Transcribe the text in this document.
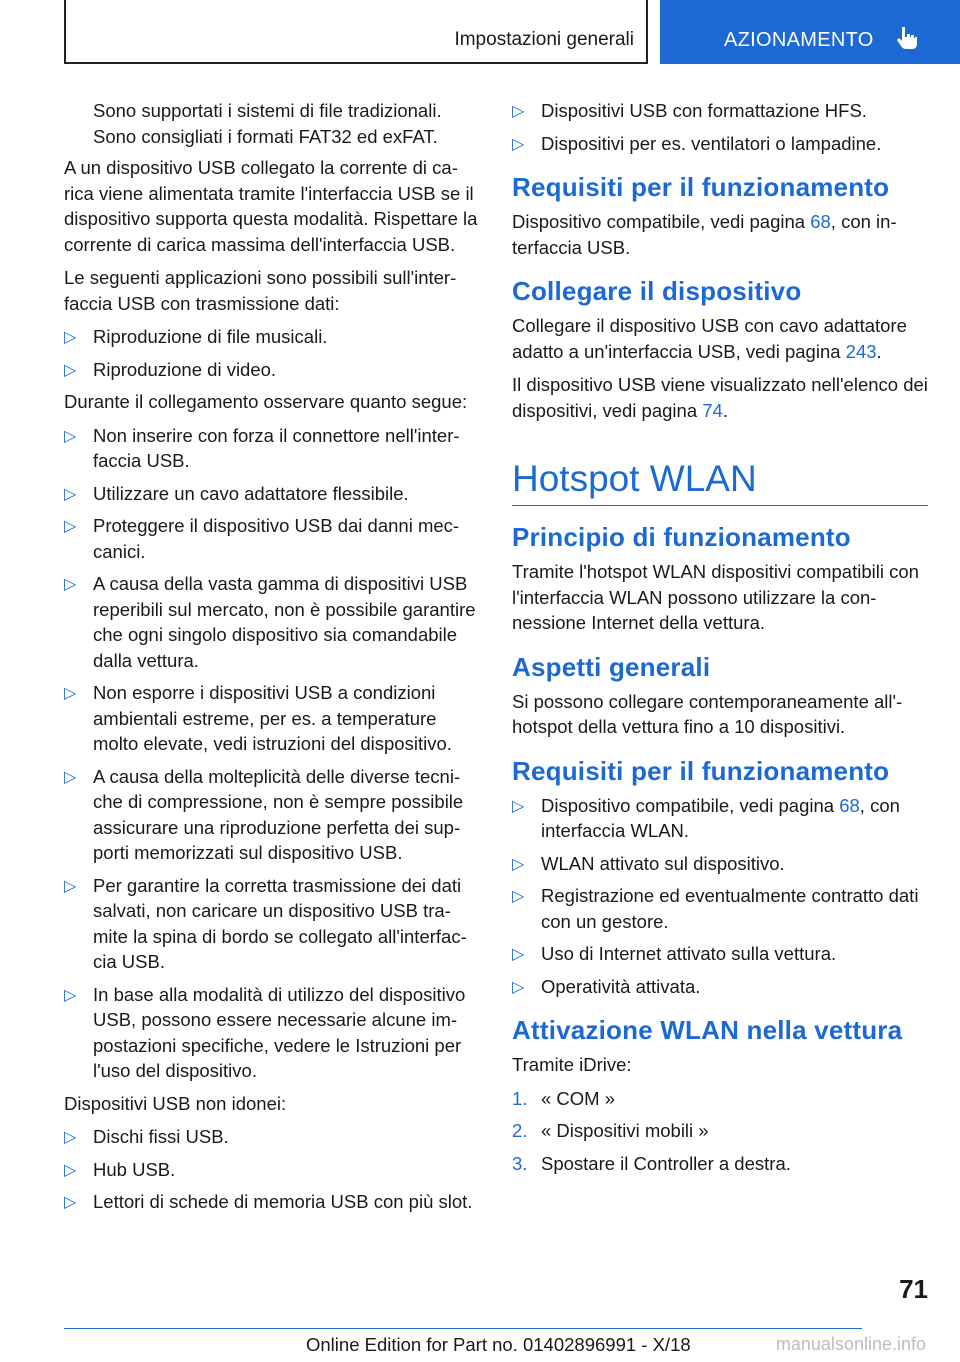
Impostazioni generali	AZIONAMENTO

Sono supportati i sistemi di file tradizionali.
Sono consigliati i formati FAT32 ed exFAT.

A un dispositivo USB collegato la corrente di carica viene alimentata tramite l'interfaccia USB se il dispositivo supporta questa modalità. Rispettare la corrente di carica massima dell'interfaccia USB.

Le seguenti applicazioni sono possibili sull'interfaccia USB con trasmissione dati:

▷ Riproduzione di file musicali.
▷ Riproduzione di video.

Durante il collegamento osservare quanto segue:

▷ Non inserire con forza il connettore nell'interfaccia USB.
▷ Utilizzare un cavo adattatore flessibile.
▷ Proteggere il dispositivo USB dai danni meccanici.
▷ A causa della vasta gamma di dispositivi USB reperibili sul mercato, non è possibile garantire che ogni singolo dispositivo sia comandabile dalla vettura.
▷ Non esporre i dispositivi USB a condizioni ambientali estreme, per es. a temperature molto elevate, vedi istruzioni del dispositivo.
▷ A causa della molteplicità delle diverse tecniche di compressione, non è sempre possibile assicurare una riproduzione perfetta dei supporti memorizzati sul dispositivo USB.
▷ Per garantire la corretta trasmissione dei dati salvati, non caricare un dispositivo USB tramite la spina di bordo se collegato all'interfaccia USB.
▷ In base alla modalità di utilizzo del dispositivo USB, possono essere necessarie alcune impostazioni specifiche, vedere le Istruzioni per l'uso del dispositivo.

Dispositivi USB non idonei:

▷ Dischi fissi USB.
▷ Hub USB.
▷ Lettori di schede di memoria USB con più slot.
▷ Dispositivi USB con formattazione HFS.
▷ Dispositivi per es. ventilatori o lampadine.
Requisiti per il funzionamento

Dispositivo compatibile, vedi pagina 68, con interfaccia USB.

Collegare il dispositivo

Collegare il dispositivo USB con cavo adattatore adatto a un'interfaccia USB, vedi pagina 243.

Il dispositivo USB viene visualizzato nell'elenco dei dispositivi, vedi pagina 74.

Hotspot WLAN
Principio di funzionamento

Tramite l'hotspot WLAN dispositivi compatibili con l'interfaccia WLAN possono utilizzare la connessione Internet della vettura.

Aspetti generali

Si possono collegare contemporaneamente all'hotspot della vettura fino a 10 dispositivi.

Requisiti per il funzionamento
▷ Dispositivo compatibile, vedi pagina 68, con interfaccia WLAN.
▷ WLAN attivato sul dispositivo.
▷ Registrazione ed eventualmente contratto dati con un gestore.
▷ Uso di Internet attivato sulla vettura.
▷ Operatività attivata.
Attivazione WLAN nella vettura

Tramite iDrive:

1. « COM »
2. « Dispositivi mobili »
3. Spostare il Controller a destra.
71
Online Edition for Part no. 01402896991 - X/18	manualsonline.info
